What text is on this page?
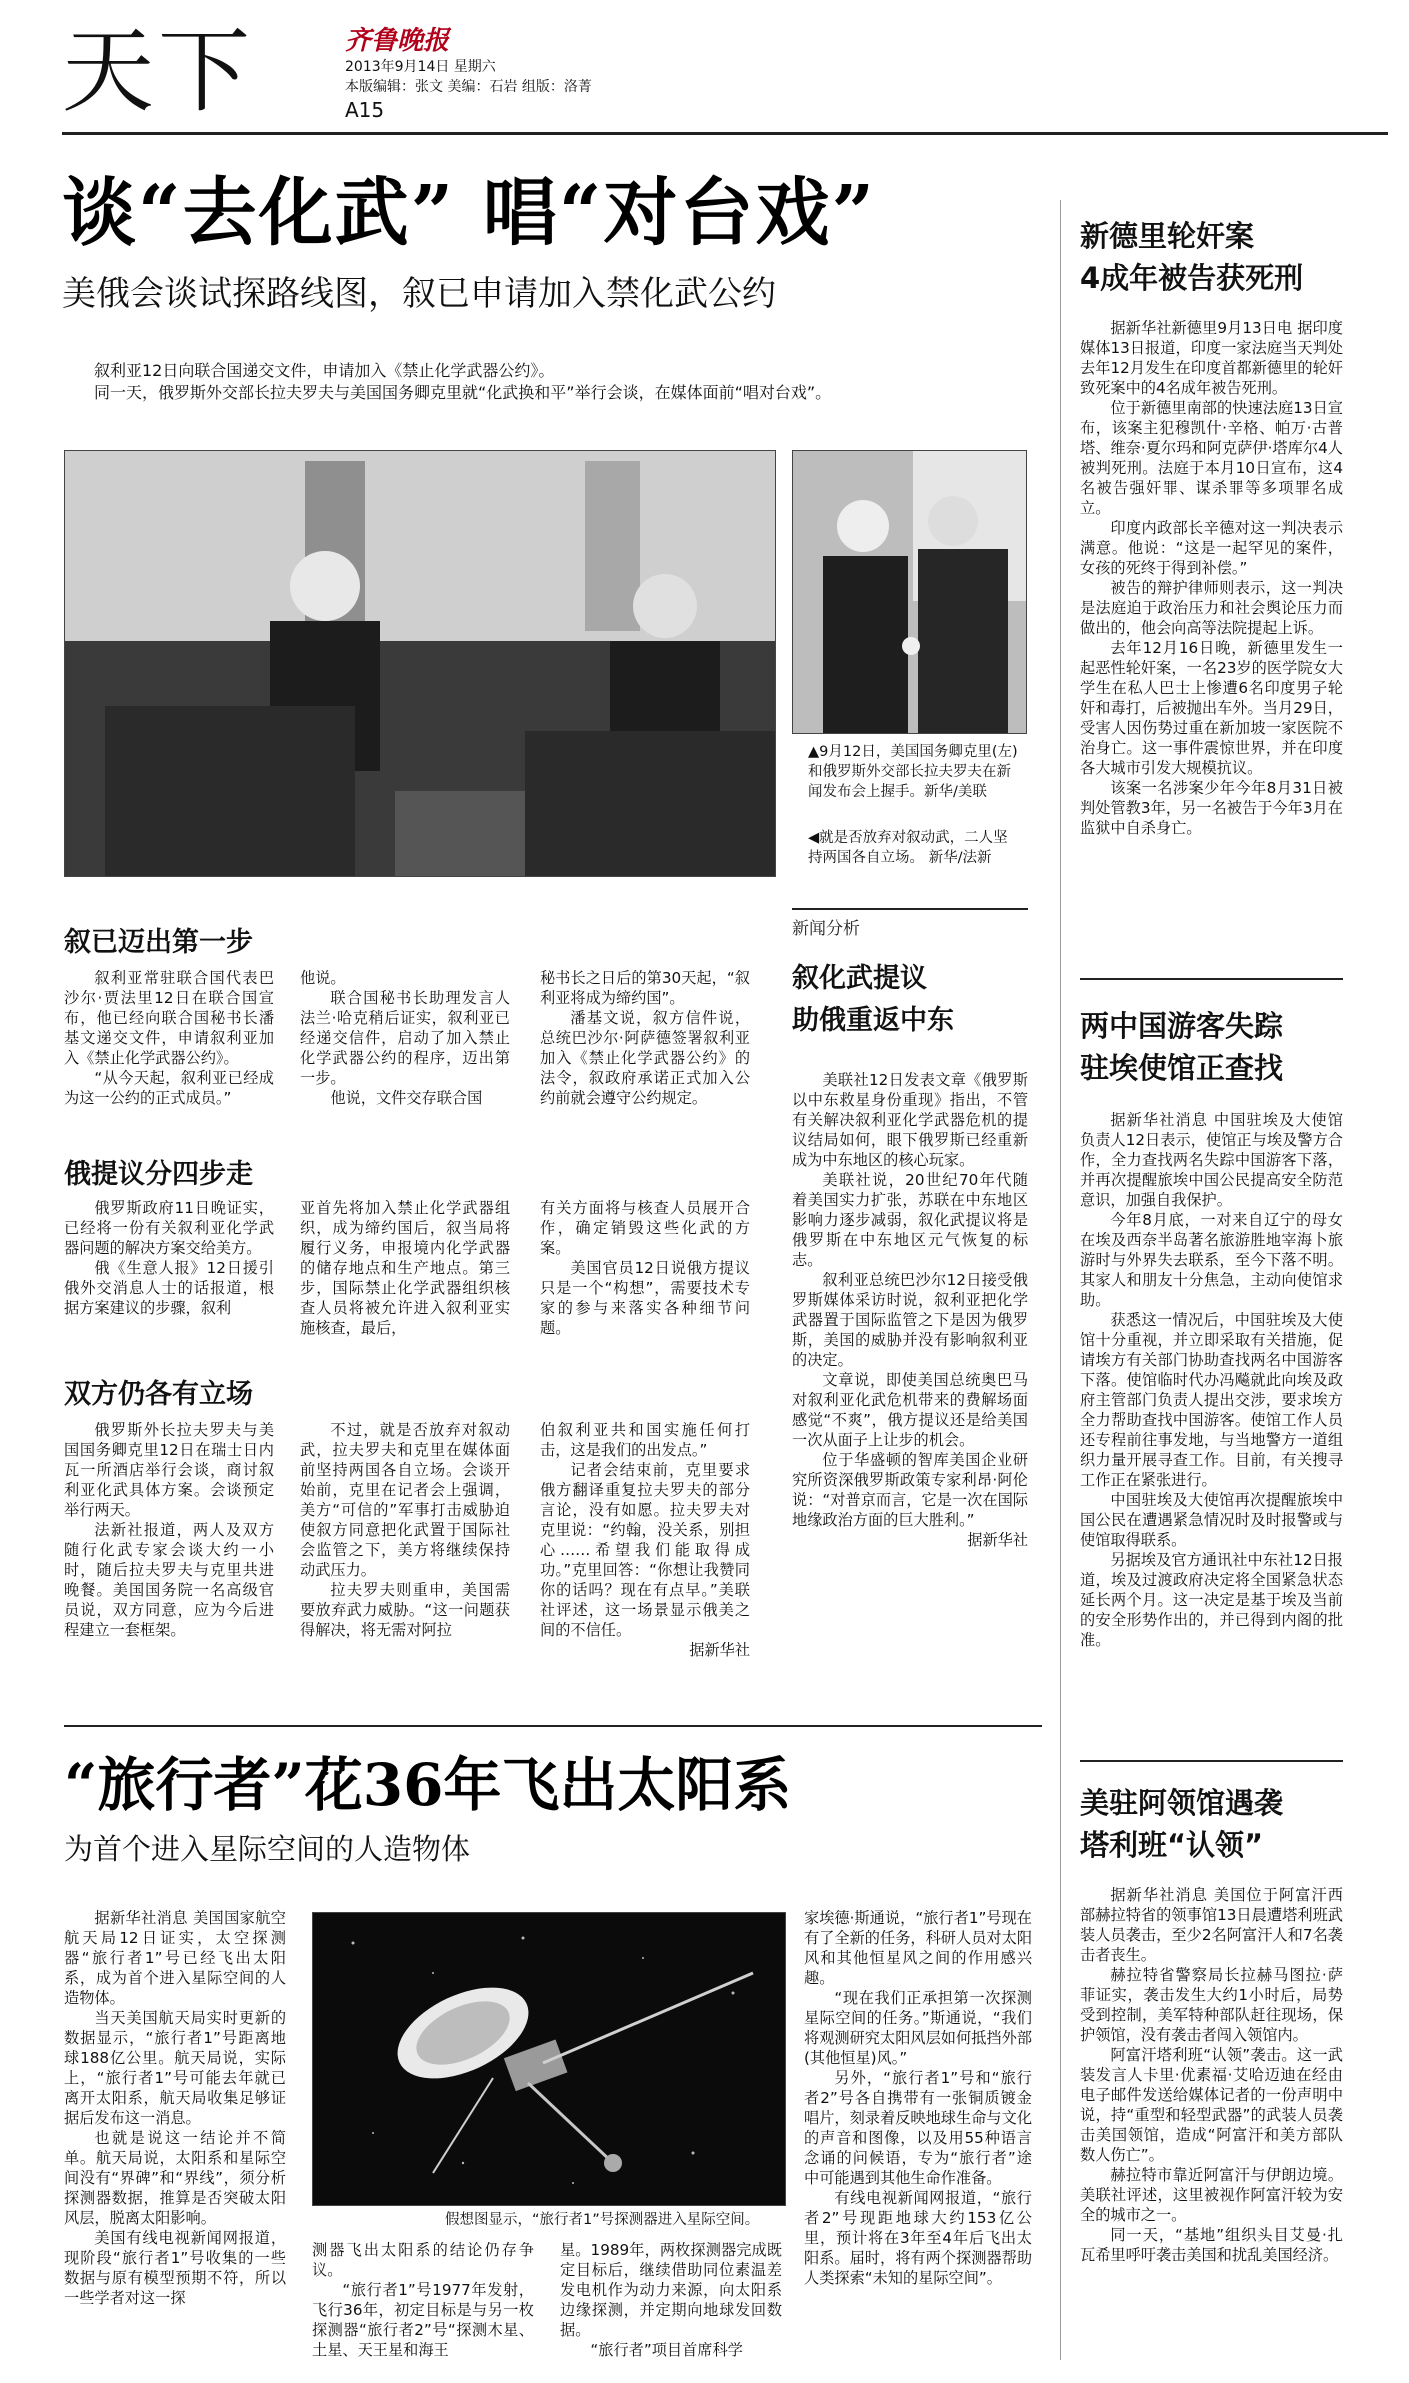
天下	齐鲁晚报
2013年9月14日 星期六
本版编辑：张文 美编：石岩 组版：洛菁
A15
谈“去化武” 唱“对台戏”
美俄会谈试探路线图，叙已申请加入禁化武公约

叙利亚12日向联合国递交文件，申请加入《禁止化学武器公约》。

同一天，俄罗斯外交部长拉夫罗夫与美国国务卿克里就“化武换和平”举行会谈，在媒体面前“唱对台戏”。

▲9月12日，美国国务卿克里(左)和俄罗斯外交部长拉夫罗夫在新闻发布会上握手。新华/美联
◀就是否放弃对叙动武，二人坚持两国各自立场。 新华/法新
叙已迈出第一步

叙利亚常驻联合国代表巴沙尔·贾法里12日在联合国宣布，他已经向联合国秘书长潘基文递交文件，申请叙利亚加入《禁止化学武器公约》。

“从今天起，叙利亚已经成为这一公约的正式成员。”

他说。

联合国秘书长助理发言人法兰·哈克稍后证实，叙利亚已经递交信件，启动了加入禁止化学武器公约的程序，迈出第一步。

他说，文件交存联合国

秘书长之日后的第30天起，“叙利亚将成为缔约国”。

潘基文说，叙方信件说，总统巴沙尔·阿萨德签署叙利亚加入《禁止化学武器公约》的法令，叙政府承诺正式加入公约前就会遵守公约规定。

俄提议分四步走

俄罗斯政府11日晚证实，已经将一份有关叙利亚化学武器问题的解决方案交给美方。

俄《生意人报》12日援引俄外交消息人士的话报道，根据方案建议的步骤，叙利

亚首先将加入禁止化学武器组织，成为缔约国后，叙当局将履行义务，申报境内化学武器的储存地点和生产地点。第三步，国际禁止化学武器组织核查人员将被允许进入叙利亚实施核查，最后，

有关方面将与核查人员展开合作，确定销毁这些化武的方案。

美国官员12日说俄方提议只是一个“构想”，需要技术专家的参与来落实各种细节问题。

双方仍各有立场

俄罗斯外长拉夫罗夫与美国国务卿克里12日在瑞士日内瓦一所酒店举行会谈，商讨叙利亚化武具体方案。会谈预定举行两天。

法新社报道，两人及双方随行化武专家会谈大约一小时，随后拉夫罗夫与克里共进晚餐。美国国务院一名高级官员说，双方同意，应为今后进程建立一套框架。

不过，就是否放弃对叙动武，拉夫罗夫和克里在媒体面前坚持两国各自立场。会谈开始前，克里在记者会上强调，美方“可信的”军事打击威胁迫使叙方同意把化武置于国际社会监管之下，美方将继续保持动武压力。

拉夫罗夫则重申，美国需要放弃武力威胁。“这一问题获得解决，将无需对阿拉

伯叙利亚共和国实施任何打击，这是我们的出发点。”

记者会结束前，克里要求俄方翻译重复拉夫罗夫的部分言论，没有如愿。拉夫罗夫对克里说：“约翰，没关系，别担心……希望我们能取得成功。”克里回答：“你想让我赞同你的话吗？现在有点早。”美联社评述，这一场景显示俄美之间的不信任。

据新华社

新闻分析
叙化武提议
助俄重返中东

美联社12日发表文章《俄罗斯以中东救星身份重现》指出，不管有关解决叙利亚化学武器危机的提议结局如何，眼下俄罗斯已经重新成为中东地区的核心玩家。

美联社说，20世纪70年代随着美国实力扩张，苏联在中东地区影响力逐步减弱，叙化武提议将是俄罗斯在中东地区元气恢复的标志。

叙利亚总统巴沙尔12日接受俄罗斯媒体采访时说，叙利亚把化学武器置于国际监管之下是因为俄罗斯，美国的威胁并没有影响叙利亚的决定。

文章说，即使美国总统奥巴马对叙利亚化武危机带来的费解场面感觉“不爽”，俄方提议还是给美国一次从面子上让步的机会。

位于华盛顿的智库美国企业研究所资深俄罗斯政策专家利昂·阿伦说：“对普京而言，它是一次在国际地缘政治方面的巨大胜利。”

据新华社

新德里轮奸案
4成年被告获死刑

据新华社新德里9月13日电 据印度媒体13日报道，印度一家法庭当天判处去年12月发生在印度首都新德里的轮奸致死案中的4名成年被告死刑。

位于新德里南部的快速法庭13日宣布，该案主犯穆凯什·辛格、帕万·古普塔、维奈·夏尔玛和阿克萨伊·塔库尔4人被判死刑。法庭于本月10日宣布，这4名被告强奸罪、谋杀罪等多项罪名成立。

印度内政部长辛德对这一判决表示满意。他说：“这是一起罕见的案件，女孩的死终于得到补偿。”

被告的辩护律师则表示，这一判决是法庭迫于政治压力和社会舆论压力而做出的，他会向高等法院提起上诉。

去年12月16日晚，新德里发生一起恶性轮奸案，一名23岁的医学院女大学生在私人巴士上惨遭6名印度男子轮奸和毒打，后被抛出车外。当月29日，受害人因伤势过重在新加坡一家医院不治身亡。这一事件震惊世界，并在印度各大城市引发大规模抗议。

该案一名涉案少年今年8月31日被判处管教3年，另一名被告于今年3月在监狱中自杀身亡。

两中国游客失踪
驻埃使馆正查找

据新华社消息 中国驻埃及大使馆负责人12日表示，使馆正与埃及警方合作，全力查找两名失踪中国游客下落，并再次提醒旅埃中国公民提高安全防范意识，加强自我保护。

今年8月底，一对来自辽宁的母女在埃及西奈半岛著名旅游胜地宰海卜旅游时与外界失去联系，至今下落不明。其家人和朋友十分焦急，主动向使馆求助。

获悉这一情况后，中国驻埃及大使馆十分重视，并立即采取有关措施，促请埃方有关部门协助查找两名中国游客下落。使馆临时代办冯飚就此向埃及政府主管部门负责人提出交涉，要求埃方全力帮助查找中国游客。使馆工作人员还专程前往事发地，与当地警方一道组织力量开展寻查工作。目前，有关搜寻工作正在紧张进行。

中国驻埃及大使馆再次提醒旅埃中国公民在遭遇紧急情况时及时报警或与使馆取得联系。

另据埃及官方通讯社中东社12日报道，埃及过渡政府决定将全国紧急状态延长两个月。这一决定是基于埃及当前的安全形势作出的，并已得到内阁的批准。

美驻阿领馆遇袭
塔利班“认领”

据新华社消息 美国位于阿富汗西部赫拉特省的领事馆13日晨遭塔利班武装人员袭击，至少2名阿富汗人和7名袭击者丧生。

赫拉特省警察局长拉赫马图拉·萨菲证实，袭击发生大约1小时后，局势受到控制，美军特种部队赶往现场，保护领馆，没有袭击者闯入领馆内。

阿富汗塔利班“认领”袭击。这一武装发言人卡里·优素福·艾哈迈迪在经由电子邮件发送给媒体记者的一份声明中说，持“重型和轻型武器”的武装人员袭击美国领馆，造成“阿富汗和美方部队数人伤亡”。

赫拉特市靠近阿富汗与伊朗边境。美联社评述，这里被视作阿富汗较为安全的城市之一。

同一天，“基地”组织头目艾曼·扎瓦希里呼吁袭击美国和扰乱美国经济。

“旅行者”花36年飞出太阳系
为首个进入星际空间的人造物体

据新华社消息 美国国家航空航天局12日证实，太空探测器“旅行者1”号已经飞出太阳系，成为首个进入星际空间的人造物体。

当天美国航天局实时更新的数据显示，“旅行者1”号距离地球188亿公里。航天局说，实际上，“旅行者1”号可能去年就已离开太阳系，航天局收集足够证据后发布这一消息。

也就是说这一结论并不简单。航天局说，太阳系和星际空间没有“界碑”和“界线”，须分析探测器数据，推算是否突破太阳风层，脱离太阳影响。

美国有线电视新闻网报道，现阶段“旅行者1”号收集的一些数据与原有模型预期不符，所以一些学者对这一探

假想图显示，“旅行者1”号探测器进入星际空间。

测器飞出太阳系的结论仍存争议。

“旅行者1”号1977年发射，飞行36年，初定目标是与另一枚探测器“旅行者2”号“探测木星、土星、天王星和海王

星。1989年，两枚探测器完成既定目标后，继续借助同位素温差发电机作为动力来源，向太阳系边缘探测，并定期向地球发回数据。

“旅行者”项目首席科学

家埃德·斯通说，“旅行者1”号现在有了全新的任务，科研人员对太阳风和其他恒星风之间的作用感兴趣。

“现在我们正承担第一次探测星际空间的任务。”斯通说，“我们将观测研究太阳风层如何抵挡外部(其他恒星)风。”

另外，“旅行者1”号和“旅行者2”号各自携带有一张铜质镀金唱片，刻录着反映地球生命与文化的声音和图像，以及用55种语言念诵的问候语，专为“旅行者”途中可能遇到其他生命作准备。

有线电视新闻网报道，“旅行者2”号现距地球大约153亿公里，预计将在3年至4年后飞出太阳系。届时，将有两个探测器帮助人类探索“未知的星际空间”。
